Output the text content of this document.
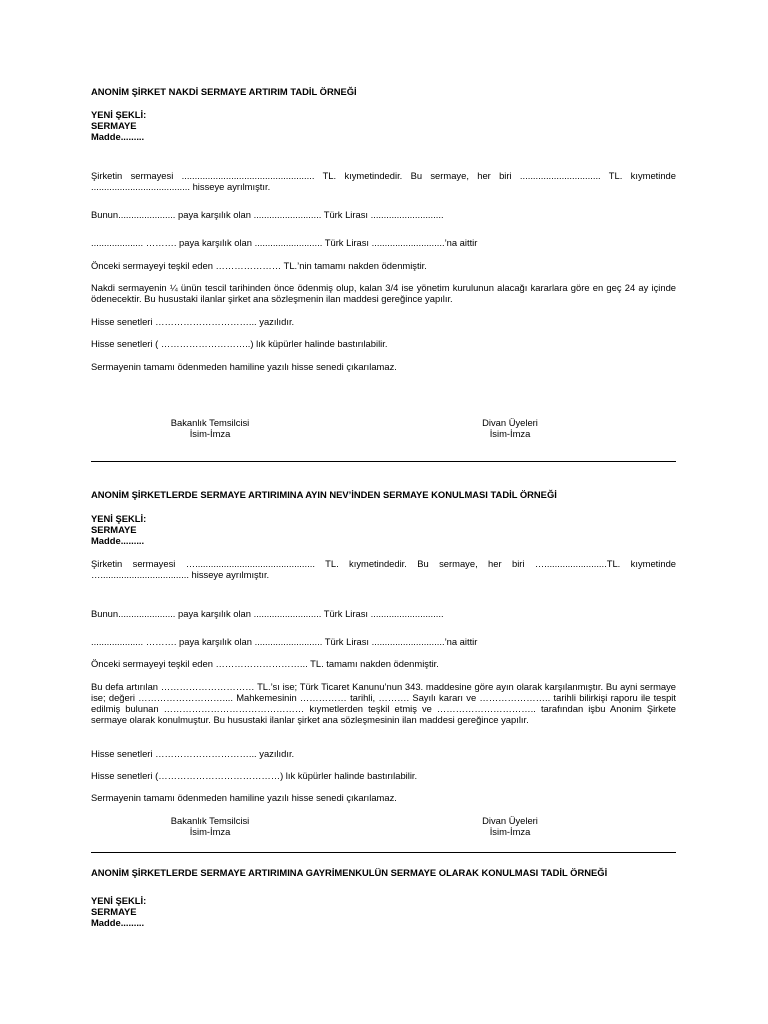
ANONİM ŞİRKET NAKDİ SERMAYE ARTIRIM TADİL ÖRNEĞİ

YENİ ŞEKLİ:

SERMAYE

Madde.........

Şirketin sermayesi ................................................... TL. kıymetindedir. Bu sermaye, her biri ............................... TL. kıymetinde ...................................... hisseye ayrılmıştır.

Bunun...................... paya karşılık olan .......................... Türk Lirası ............................

.................... ………. paya karşılık olan .......................... Türk Lirası ............................’na aittir

Önceki sermayeyi teşkil eden ………………… TL.’nin tamamı nakden ödenmiştir.

Nakdi sermayenin ¼ ünün tescil tarihinden önce ödenmiş olup, kalan 3/4 ise yönetim kurulunun alacağı kararlara göre en geç 24 ay içinde ödenecektir. Bu husustaki ilanlar şirket ana sözleşmenin ilan maddesi gereğince yapılır.

Hisse senetleri …………………………... yazılıdır.

Hisse senetleri ( ………………………..) lık küpürler halinde bastırılabilir.

Sermayenin tamamı ödenmeden hamiline yazılı hisse senedi çıkarılamaz.

Bakanlık Temsilcisi
İsim-İmza
Divan Üyeleri
İsim-İmza

ANONİM ŞİRKETLERDE SERMAYE ARTIRIMINA AYIN NEV’İNDEN SERMAYE KONULMASI TADİL ÖRNEĞİ

YENİ ŞEKLİ:

SERMAYE

Madde.........

Şirketin sermayesi ….............................................. TL. kıymetindedir. Bu sermaye, her biri …........................TL. kıymetinde ….................................. hisseye ayrılmıştır.

Bunun...................... paya karşılık olan .......................... Türk Lirası ............................

.................... ………. paya karşılık olan .......................... Türk Lirası ............................’na aittir

Önceki sermayeyi teşkil eden ………………………... TL. tamamı nakden ödenmiştir.

Bu defa artırılan ………………………… TL.’sı ise; Türk Ticaret Kanunu’nun 343. maddesine göre ayın olarak karşılanmıştır. Bu ayni sermaye ise; değeri ……………………….... Mahkemesinin …………… tarihli, ………. Sayılı kararı ve ………………….. tarihli bilirkişi raporu ile tespit edilmiş bulunan ……………………………………… kıymetlerden teşkil etmiş ve ………………………….. tarafından işbu Anonim Şirkete sermaye olarak konulmuştur. Bu husustaki ilanlar şirket ana sözleşmesinin ilan maddesi gereğince yapılır.

Hisse senetleri …………………………... yazılıdır.

Hisse senetleri (…………………………………) lık küpürler halinde bastırılabilir.

Sermayenin tamamı ödenmeden hamiline yazılı hisse senedi çıkarılamaz.

Bakanlık Temsilcisi
İsim-İmza
Divan Üyeleri
İsim-İmza

ANONİM ŞİRKETLERDE SERMAYE ARTIRIMINA GAYRİMENKULÜN SERMAYE OLARAK KONULMASI TADİL ÖRNEĞİ

YENİ ŞEKLİ:

SERMAYE

Madde.........
